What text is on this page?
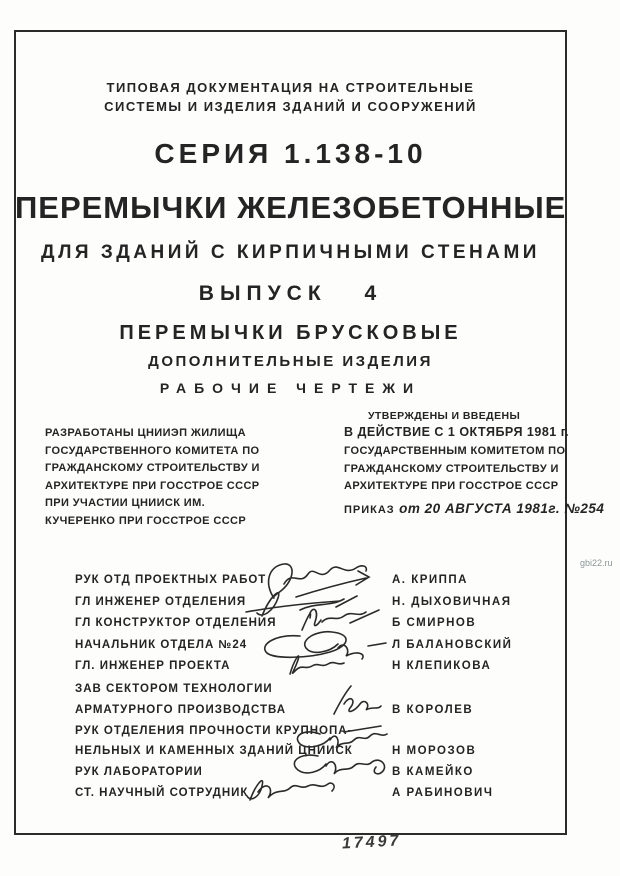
ТИПОВАЯ ДОКУМЕНТАЦИЯ НА СТРОИТЕЛЬНЫЕ
СИСТЕМЫ И ИЗДЕЛИЯ ЗДАНИЙ И СООРУЖЕНИЙ
СЕРИЯ 1.138-10
ПЕРЕМЫЧКИ ЖЕЛЕЗОБЕТОННЫЕ
ДЛЯ ЗДАНИЙ С КИРПИЧНЫМИ СТЕНАМИ
ВЫПУСК 4
ПЕРЕМЫЧКИ БРУСКОВЫЕ
ДОПОЛНИТЕЛЬНЫЕ ИЗДЕЛИЯ
РАБОЧИЕ ЧЕРТЕЖИ
РАЗРАБОТАНЫ ЦНИИЭП ЖИЛИЩА
ГОСУДАРСТВЕННОГО КОМИТЕТА ПО
ГРАЖДАНСКОМУ СТРОИТЕЛЬСТВУ И
АРХИТЕКТУРЕ ПРИ ГОССТРОЕ СССР
ПРИ УЧАСТИИ ЦНИИСК ИМ.
КУЧЕРЕНКО ПРИ ГОССТРОЕ СССР
УТВЕРЖДЕНЫ И ВВЕДЕНЫ
В ДЕЙСТВИЕ С 1 ОКТЯБРЯ 1981 г.
ГОСУДАРСТВЕННЫМ КОМИТЕТОМ ПО
ГРАЖДАНСКОМУ СТРОИТЕЛЬСТВУ И
АРХИТЕКТУРЕ ПРИ ГОССТРОЕ СССР
ПРИКАЗ от 20 АВГУСТА 1981г. №254
РУК ОТД ПРОЕКТНЫХ РАБОТ	А. КРИППА
ГЛ ИНЖЕНЕР ОТДЕЛЕНИЯ	Н. ДЫХОВИЧНАЯ
ГЛ КОНСТРУКТОР ОТДЕЛЕНИЯ	Б СМИРНОВ
НАЧАЛЬНИК ОТДЕЛА №24	Л БАЛАНОВСКИЙ
ГЛ. ИНЖЕНЕР ПРОЕКТА	Н КЛЕПИКОВА
ЗАВ СЕКТОРОМ ТЕХНОЛОГИИ
АРМАТУРНОГО ПРОИЗВОДСТВА	В КОРОЛЕВ
РУК ОТДЕЛЕНИЯ ПРОЧНОСТИ КРУПНОПА-
НЕЛЬНЫХ И КАМЕННЫХ ЗДАНИЙ ЦНИИСК	Н МОРОЗОВ
РУК ЛАБОРАТОРИИ	В КАМЕЙКО
СТ. НАУЧНЫЙ СОТРУДНИК	А РАБИНОВИЧ
17497
gbi22.ru
